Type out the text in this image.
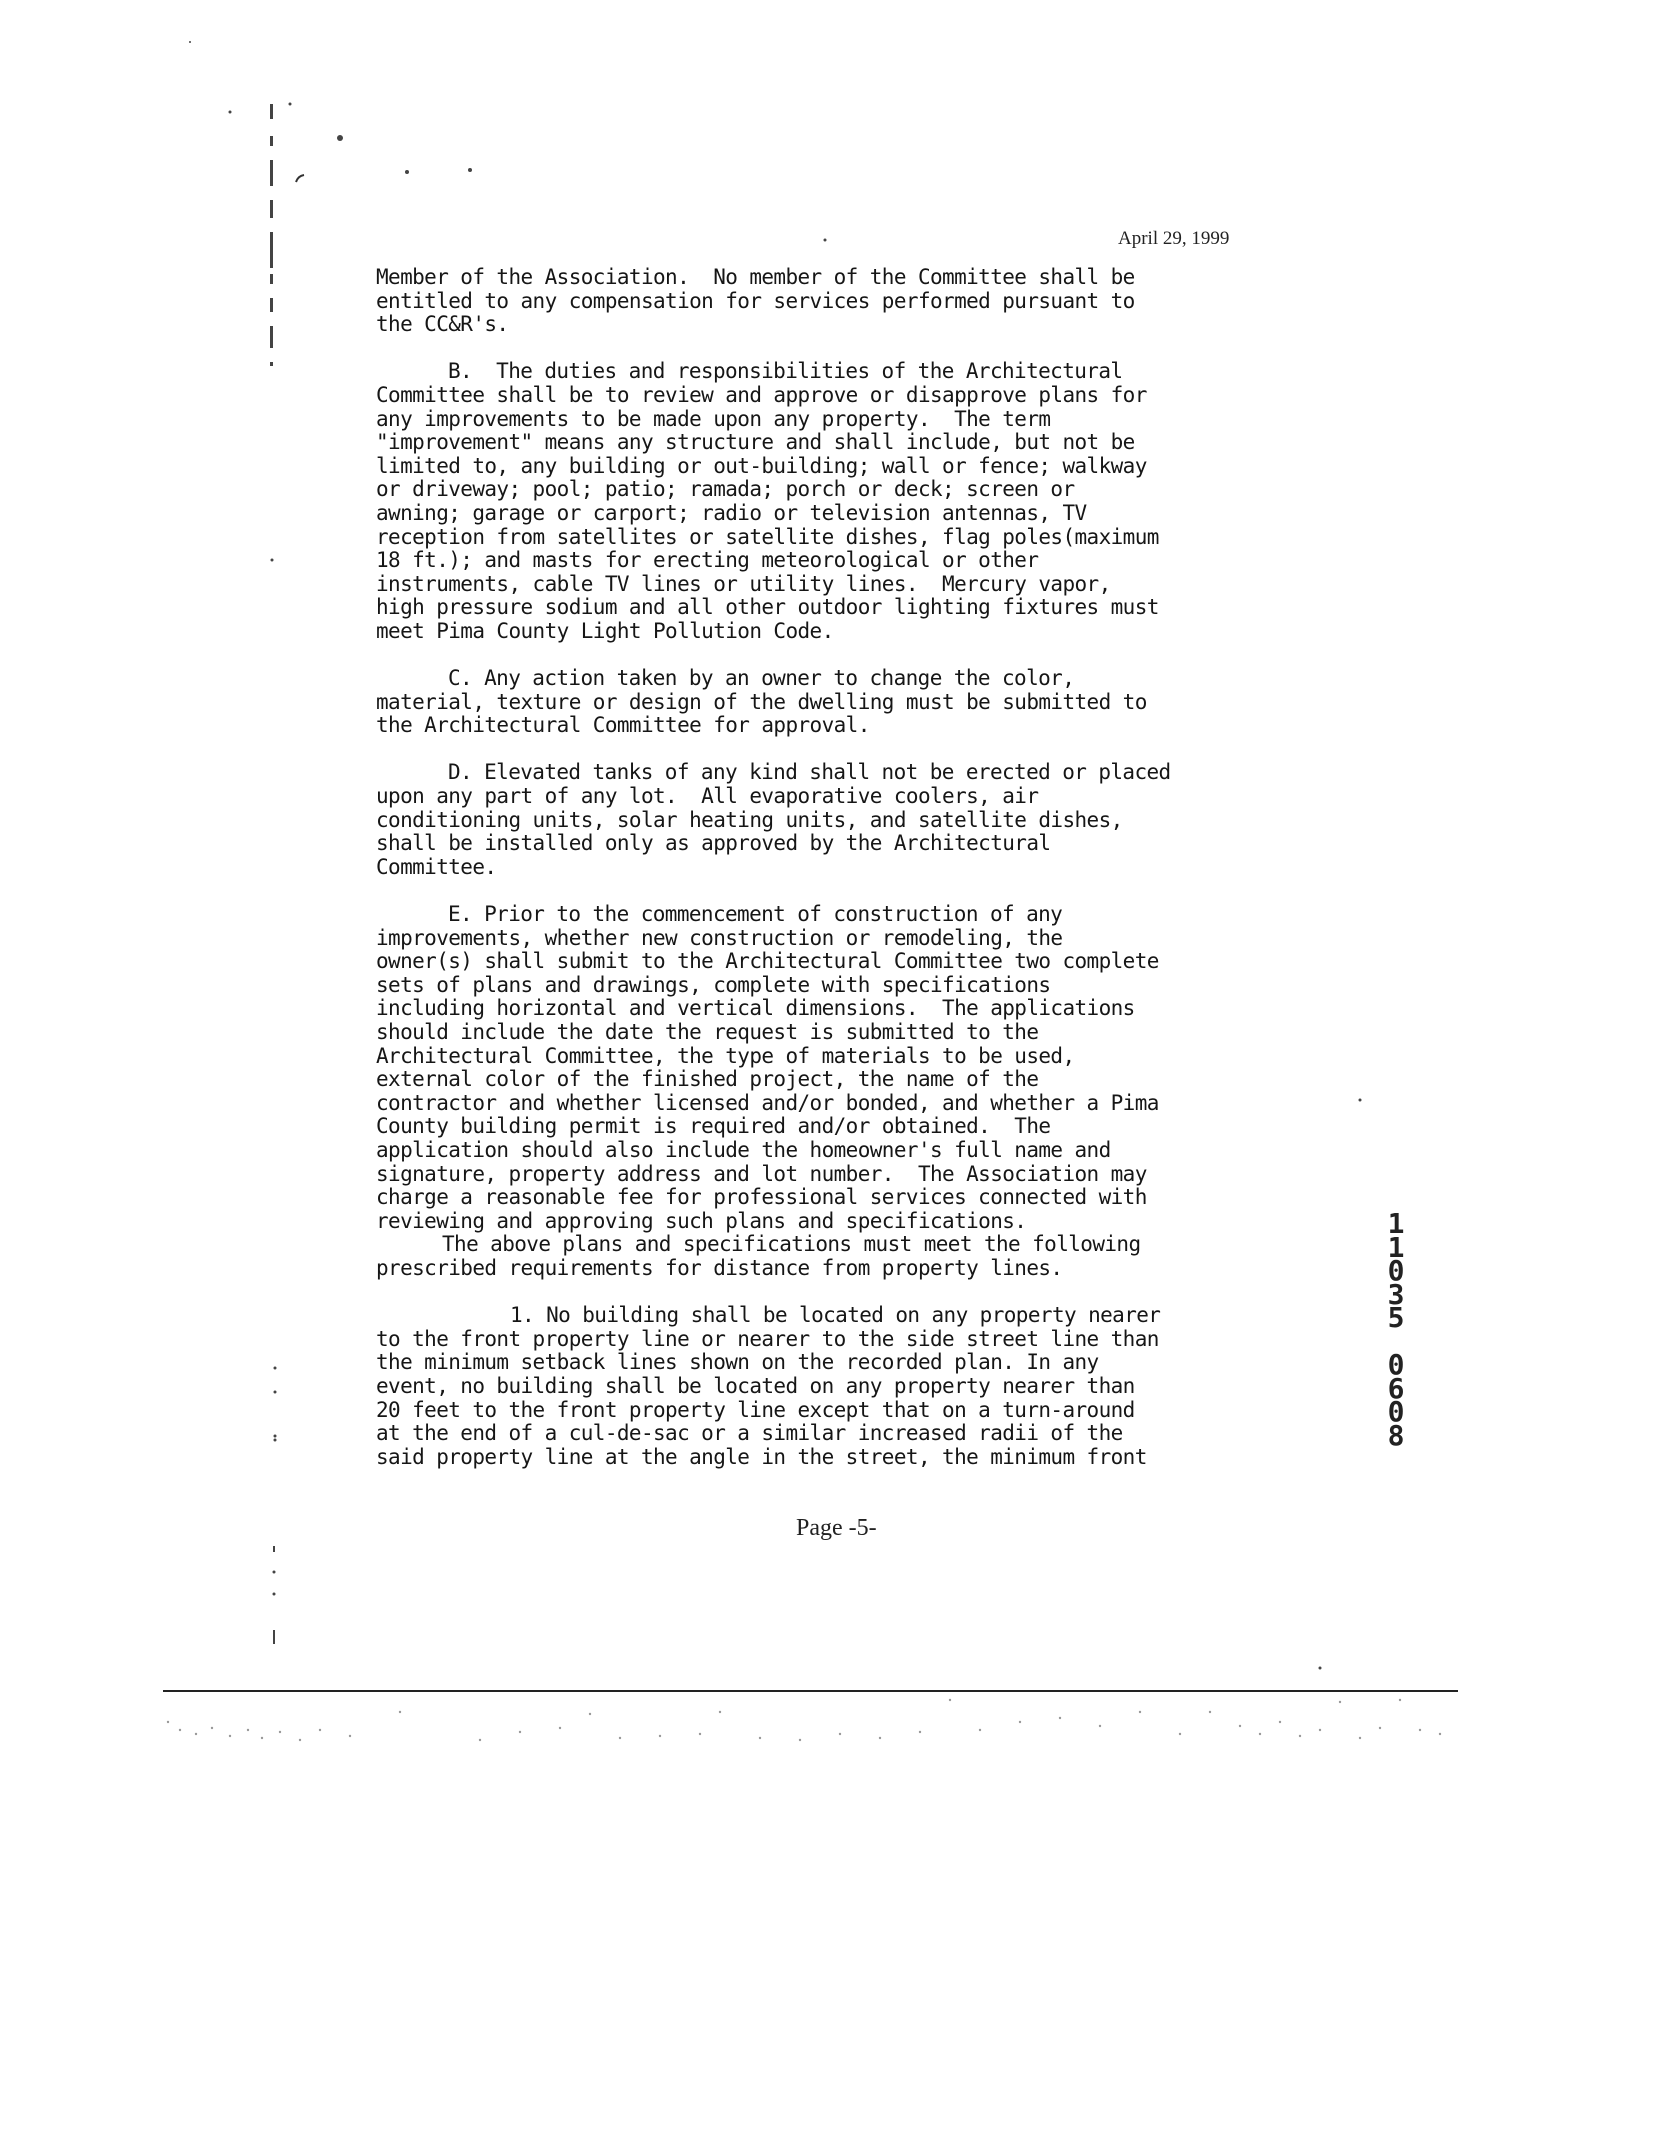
April 29, 1999

Member of the Association.  No member of the Committee shall be
entitled to any compensation for services performed pursuant to
the CC&R's.

B.  The duties and responsibilities of the Architectural
Committee shall be to review and approve or disapprove plans for
any improvements to be made upon any property.  The term
"improvement" means any structure and shall include, but not be
limited to, any building or out-building; wall or fence; walkway
or driveway; pool; patio; ramada; porch or deck; screen or
awning; garage or carport; radio or television antennas, TV
reception from satellites or satellite dishes, flag poles(maximum
18 ft.); and masts for erecting meteorological or other
instruments, cable TV lines or utility lines.  Mercury vapor,
high pressure sodium and all other outdoor lighting fixtures must
meet Pima County Light Pollution Code.

C. Any action taken by an owner to change the color,
material, texture or design of the dwelling must be submitted to
the Architectural Committee for approval.

D. Elevated tanks of any kind shall not be erected or placed
upon any part of any lot.  All evaporative coolers, air
conditioning units, solar heating units, and satellite dishes,
shall be installed only as approved by the Architectural
Committee.

E. Prior to the commencement of construction of any
improvements, whether new construction or remodeling, the
owner(s) shall submit to the Architectural Committee two complete
sets of plans and drawings, complete with specifications
including horizontal and vertical dimensions.  The applications
should include the date the request is submitted to the
Architectural Committee, the type of materials to be used,
external color of the finished project, the name of the
contractor and whether licensed and/or bonded, and whether a Pima
County building permit is required and/or obtained.  The
application should also include the homeowner's full name and
signature, property address and lot number.  The Association may
charge a reasonable fee for professional services connected with
reviewing and approving such plans and specifications.

The above plans and specifications must meet the following
prescribed requirements for distance from property lines.

1. No building shall be located on any property nearer
to the front property line or nearer to the side street line than
the minimum setback lines shown on the recorded plan. In any
event, no building shall be located on any property nearer than
20 feet to the front property line except that on a turn-around
at the end of a cul-de-sac or a similar increased radii of the
said property line at the angle in the street, the minimum front

Page -5-
1
1
0
3
5
0
6
0
8
